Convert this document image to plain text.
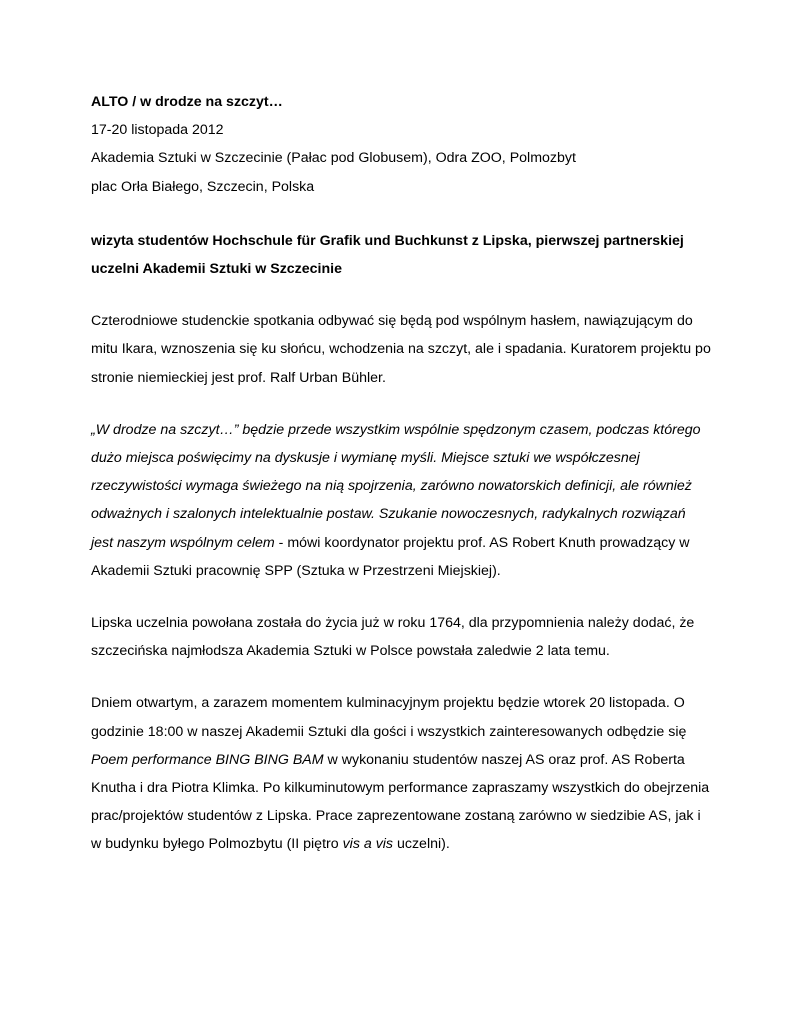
ALTO / w drodze na szczyt…

17-20 listopada 2012

Akademia Sztuki w Szczecinie (Pałac pod Globusem), Odra ZOO, Polmozbyt

plac Orła Białego, Szczecin, Polska

wizyta studentów Hochschule für Grafik und Buchkunst z Lipska, pierwszej partnerskiej uczelni Akademii Sztuki w Szczecinie

Czterodniowe studenckie spotkania odbywać się będą pod wspólnym hasłem, nawiązującym do mitu Ikara, wznoszenia się ku słońcu, wchodzenia na szczyt, ale i spadania. Kuratorem projektu po stronie niemieckiej jest prof. Ralf Urban Bühler.

„W drodze na szczyt…” będzie przede wszystkim wspólnie spędzonym czasem, podczas którego dużo miejsca poświęcimy na dyskusje i wymianę myśli. Miejsce sztuki we współczesnej rzeczywistości wymaga świeżego na nią spojrzenia, zarówno nowatorskich definicji, ale również odważnych i szalonych intelektualnie postaw. Szukanie nowoczesnych, radykalnych rozwiązań jest naszym wspólnym celem - mówi koordynator projektu prof. AS Robert Knuth prowadzący w Akademii Sztuki pracownię SPP (Sztuka w Przestrzeni Miejskiej).

Lipska uczelnia powołana została do życia już w roku 1764, dla przypomnienia należy dodać, że szczecińska najmłodsza Akademia Sztuki w Polsce powstała zaledwie 2 lata temu.

Dniem otwartym, a zarazem momentem kulminacyjnym projektu będzie wtorek 20 listopada. O godzinie 18:00 w naszej Akademii Sztuki dla gości i wszystkich zainteresowanych odbędzie się Poem performance BING BING BAM w wykonaniu studentów naszej AS oraz prof. AS Roberta Knutha i dra Piotra Klimka. Po kilkuminutowym performance zapraszamy wszystkich do obejrzenia prac/projektów studentów z Lipska. Prace zaprezentowane zostaną zarówno w siedzibie AS, jak i w budynku byłego Polmozbytu (II piętro vis a vis uczelni).
